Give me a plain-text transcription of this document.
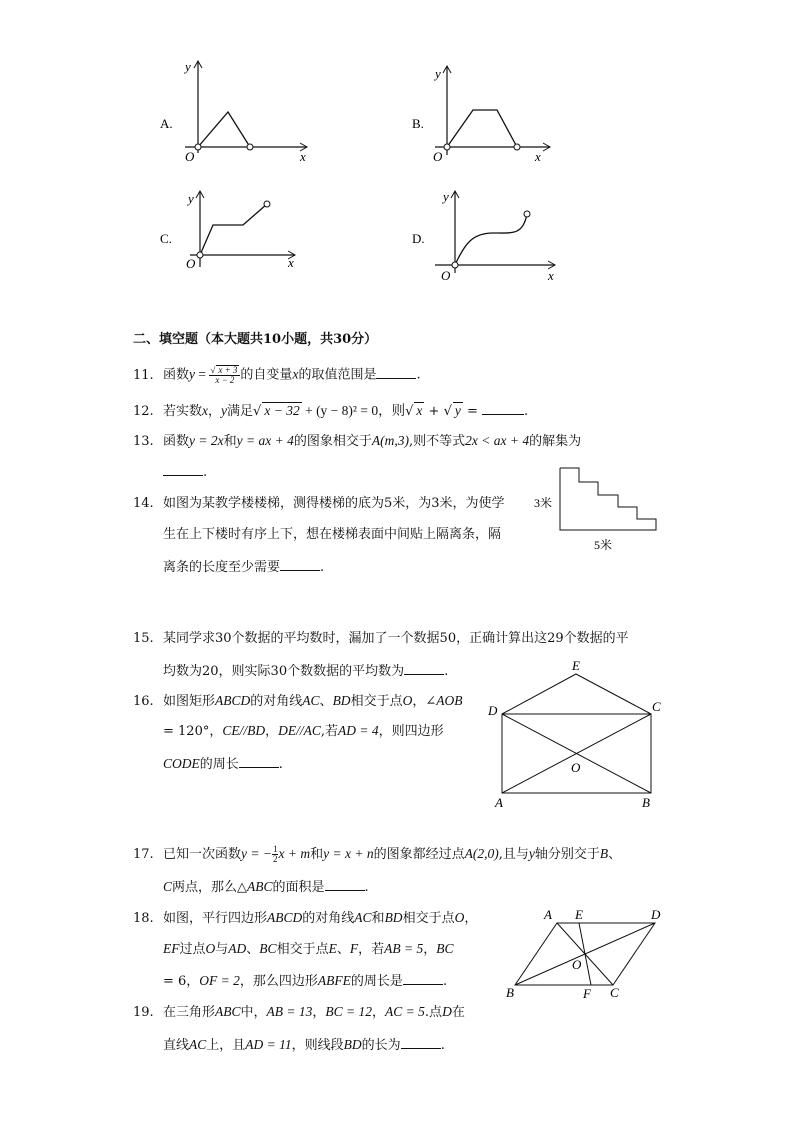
A.
y
O	x
B.
y
O	x
C.
y
O	x
D.
y
O	x
二、填空题（本大题共10小题，共30分）
11. 函数$y = \frac{√ x + 3}{x - 2}$ 的自变量x的取值范围是	.
12. 若实数x，y满足√ x − 32 + (y − 8)² = 0，则√ x + √ y =	.
13. 函数y = 2x和y = ax + 4的图象相交于A(m,3),则不等式2x < ax + 4的解集为
.
14. 如图为某教学楼楼梯，测得楼梯的底为5米，为3米，为使学
生在上下楼时有序上下，想在楼梯表面中间贴上隔离条，隔
离条的长度至少需要	.
3米
5米
15. 某同学求30个数据的平均数时，漏加了一个数据50，正确计算出这29个数据的平
均数为20，则实际30个数数据的平均数为	.
16. 如图矩形ABCD的对角线AC、BD相交于点O，∠AOB
= 120°，CE//BD，DE//AC,若AD = 4，则四边形
CODE的周长	.
E
D	C
O
A	B
17. 已知一次函数y = − $\frac{1}{2}$ x + m和y = x + n的图象都经过点A(2,0),且与y轴分别交于B、
C两点，那么△ABC的面积是	.
18. 如图，平行四边形ABCD的对角线AC和BD相交于点O，
EF过点O与AD、BC相交于点E、F，若AB = 5，BC
= 6，OF = 2，那么四边形ABFE的周长是	.
A E	D
O
B	F C
19. 在三角形ABC中，AB = 13，BC = 12，AC = 5.点D在
直线AC上，且AD = 11，则线段BD的长为	.
